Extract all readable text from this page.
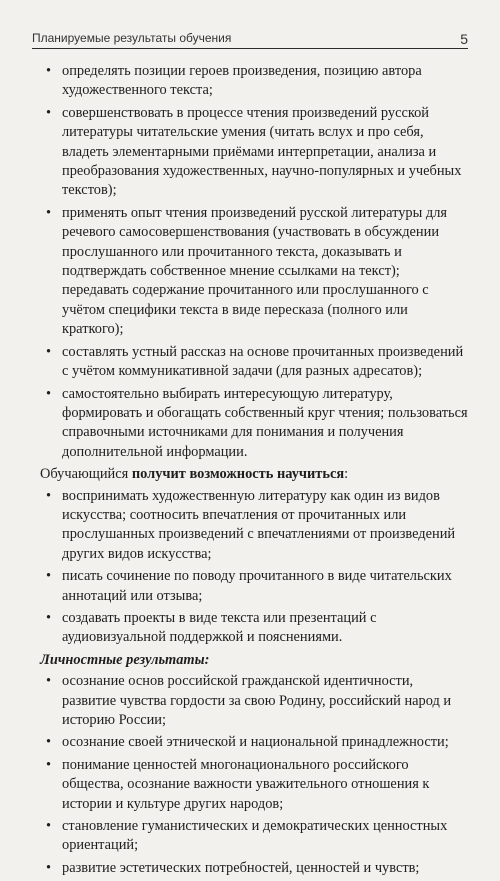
Планируемые результаты обучения	5
• определять позиции героев произведения, позицию автора художественного текста;
• совершенствовать в процессе чтения произведений русской литературы читательские умения (читать вслух и про себя, владеть элементарными приёмами интерпретации, анализа и преобразования художественных, научно-популярных и учебных текстов);
• применять опыт чтения произведений русской литературы для речевого самосовершенствования (участвовать в обсуждении прослушанного или прочитанного текста, доказывать и подтверждать собственное мнение ссылками на текст); передавать содержание прочитанного или прослушанного с учётом специфики текста в виде пересказа (полного или краткого);
• составлять устный рассказ на основе прочитанных произведений с учётом коммуникативной задачи (для разных адресатов);
• самостоятельно выбирать интересующую литературу, формировать и обогащать собственный круг чтения; пользоваться справочными источниками для понимания и получения дополнительной информации.

Обучающийся получит возможность научиться:

• воспринимать художественную литературу как один из видов искусства; соотносить впечатления от прочитанных или прослушанных произведений с впечатлениями от произведений других видов искусства;
• писать сочинение по поводу прочитанного в виде читательских аннотаций или отзыва;
• создавать проекты в виде текста или презентаций с аудиовизуальной поддержкой и пояснениями.

Личностные результаты:

• осознание основ российской гражданской идентичности, развитие чувства гордости за свою Родину, российский народ и историю России;
• осознание своей этнической и национальной принадлежности;
• понимание ценностей многонационального российского общества, осознание важности уважительного отношения к истории и культуре других народов;
• становление гуманистических и демократических ценностных ориентаций;
• развитие эстетических потребностей, ценностей и чувств;
